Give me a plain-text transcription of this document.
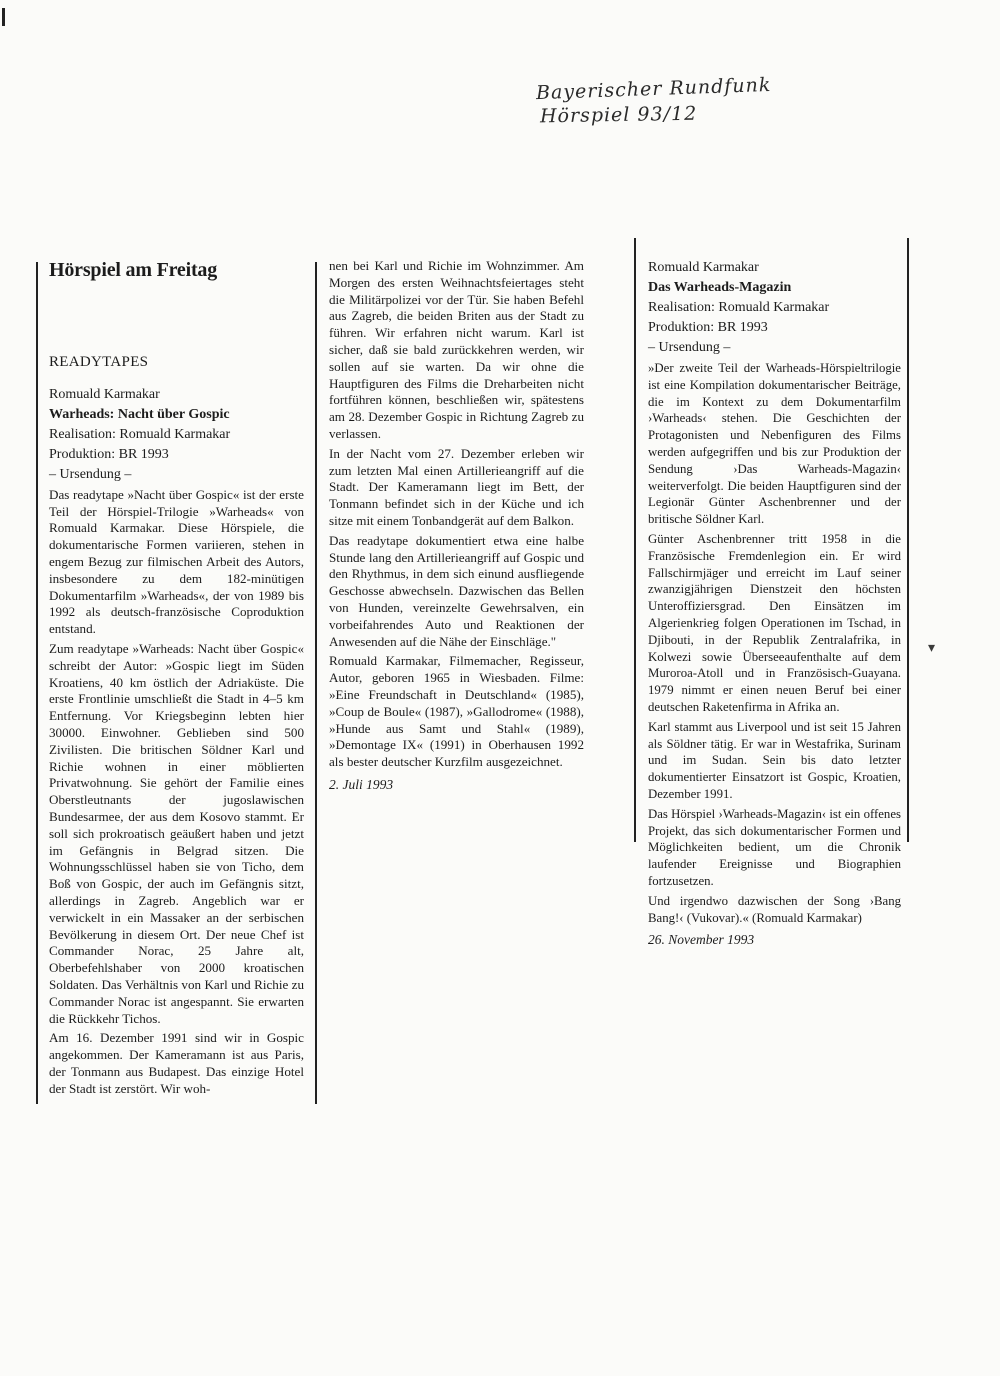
Bayerischer Rundfunk
Hörspiel 93/12
▾

Hörspiel am Freitag

READYTAPES

Romuald Karmakar

Warheads: Nacht über Gospic

Realisation: Romuald Karmakar

Produktion: BR 1993

– Ursendung –

Das readytape »Nacht über Gospic« ist der erste Teil der Hörspiel-Trilogie »Warheads« von Romuald Karmakar. Diese Hörspiele, die dokumentarische Formen variieren, stehen in engem Bezug zur filmischen Arbeit des Autors, insbesondere zu dem 182-minütigen Dokumentarfilm »Warheads«, der von 1989 bis 1992 als deutsch-französische Coproduktion entstand.

Zum readytape »Warheads: Nacht über Gospic« schreibt der Autor: »Gospic liegt im Süden Kroatiens, 40 km östlich der Adriaküste. Die erste Frontlinie umschließt die Stadt in 4–5 km Entfernung. Vor Kriegsbeginn lebten hier 30000. Einwohner. Geblieben sind 500 Zivilisten. Die britischen Söldner Karl und Richie wohnen in einer möblierten Privatwohnung. Sie gehört der Familie eines Oberstleutnants der jugoslawischen Bundesarmee, der aus dem Kosovo stammt. Er soll sich prokroatisch geäußert haben und jetzt im Gefängnis in Belgrad sitzen. Die Wohnungsschlüssel haben sie von Ticho, dem Boß von Gospic, der auch im Gefängnis sitzt, allerdings in Zagreb. Angeblich war er verwickelt in ein Massaker an der serbischen Bevölkerung in diesem Ort. Der neue Chef ist Commander Norac, 25 Jahre alt, Oberbefehlshaber von 2000 kroatischen Soldaten. Das Verhältnis von Karl und Richie zu Commander Norac ist angespannt. Sie erwarten die Rückkehr Tichos.

Am 16. Dezember 1991 sind wir in Gospic angekommen. Der Kameramann ist aus Paris, der Tonmann aus Budapest. Das einzige Hotel der Stadt ist zerstört. Wir woh-

nen bei Karl und Richie im Wohnzimmer. Am Morgen des ersten Weihnachtsfeiertages steht die Militärpolizei vor der Tür. Sie haben Befehl aus Zagreb, die beiden Briten aus der Stadt zu führen. Wir erfahren nicht warum. Karl ist sicher, daß sie bald zurückkehren werden, wir sollen auf sie warten. Da wir ohne die Hauptfiguren des Films die Dreharbeiten nicht fortführen können, beschließen wir, spätestens am 28. Dezember Gospic in Richtung Zagreb zu verlassen.

In der Nacht vom 27. Dezember erleben wir zum letzten Mal einen Artillerieangriff auf die Stadt. Der Kameramann liegt im Bett, der Tonmann befindet sich in der Küche und ich sitze mit einem Tonbandgerät auf dem Balkon.

Das readytape dokumentiert etwa eine halbe Stunde lang den Artillerieangriff auf Gospic und den Rhythmus, in dem sich einund ausfliegende Geschosse abwechseln. Dazwischen das Bellen von Hunden, vereinzelte Gewehrsalven, ein vorbeifahrendes Auto und Reaktionen der Anwesenden auf die Nähe der Einschläge."

Romuald Karmakar, Filmemacher, Regisseur, Autor, geboren 1965 in Wiesbaden. Filme: »Eine Freundschaft in Deutschland« (1985), »Coup de Boule« (1987), »Gallodrome« (1988), »Hunde aus Samt und Stahl« (1989), »Demontage IX« (1991) in Oberhausen 1992 als bester deutscher Kurzfilm ausgezeichnet.

2. Juli 1993

Romuald Karmakar

Das Warheads-Magazin

Realisation: Romuald Karmakar

Produktion: BR 1993

– Ursendung –

»Der zweite Teil der Warheads-Hörspieltrilogie ist eine Kompilation dokumentarischer Beiträge, die im Kontext zu dem Dokumentarfilm ›Warheads‹ stehen. Die Geschichten der Protagonisten und Nebenfiguren des Films werden aufgegriffen und bis zur Produktion der Sendung ›Das Warheads-Magazin‹ weiterverfolgt. Die beiden Hauptfiguren sind der Legionär Günter Aschenbrenner und der britische Söldner Karl.

Günter Aschenbrenner tritt 1958 in die Französische Fremdenlegion ein. Er wird Fallschirmjäger und erreicht im Lauf seiner zwanzigjährigen Dienstzeit den höchsten Unteroffiziersgrad. Den Einsätzen im Algerienkrieg folgen Operationen im Tschad, in Djibouti, in der Republik Zentralafrika, in Kolwezi sowie Überseeaufenthalte auf dem Muroroa-Atoll und in Französisch-Guayana. 1979 nimmt er einen neuen Beruf bei einer deutschen Raketenfirma in Afrika an.

Karl stammt aus Liverpool und ist seit 15 Jahren als Söldner tätig. Er war in Westafrika, Surinam und im Sudan. Sein bis dato letzter dokumentierter Einsatzort ist Gospic, Kroatien, Dezember 1991.

Das Hörspiel ›Warheads-Magazin‹ ist ein offenes Projekt, das sich dokumentarischer Formen und Möglichkeiten bedient, um die Chronik laufender Ereignisse und Biographien fortzusetzen.

Und irgendwo dazwischen der Song ›Bang Bang!‹ (Vukovar).« (Romuald Karmakar)

26. November 1993
